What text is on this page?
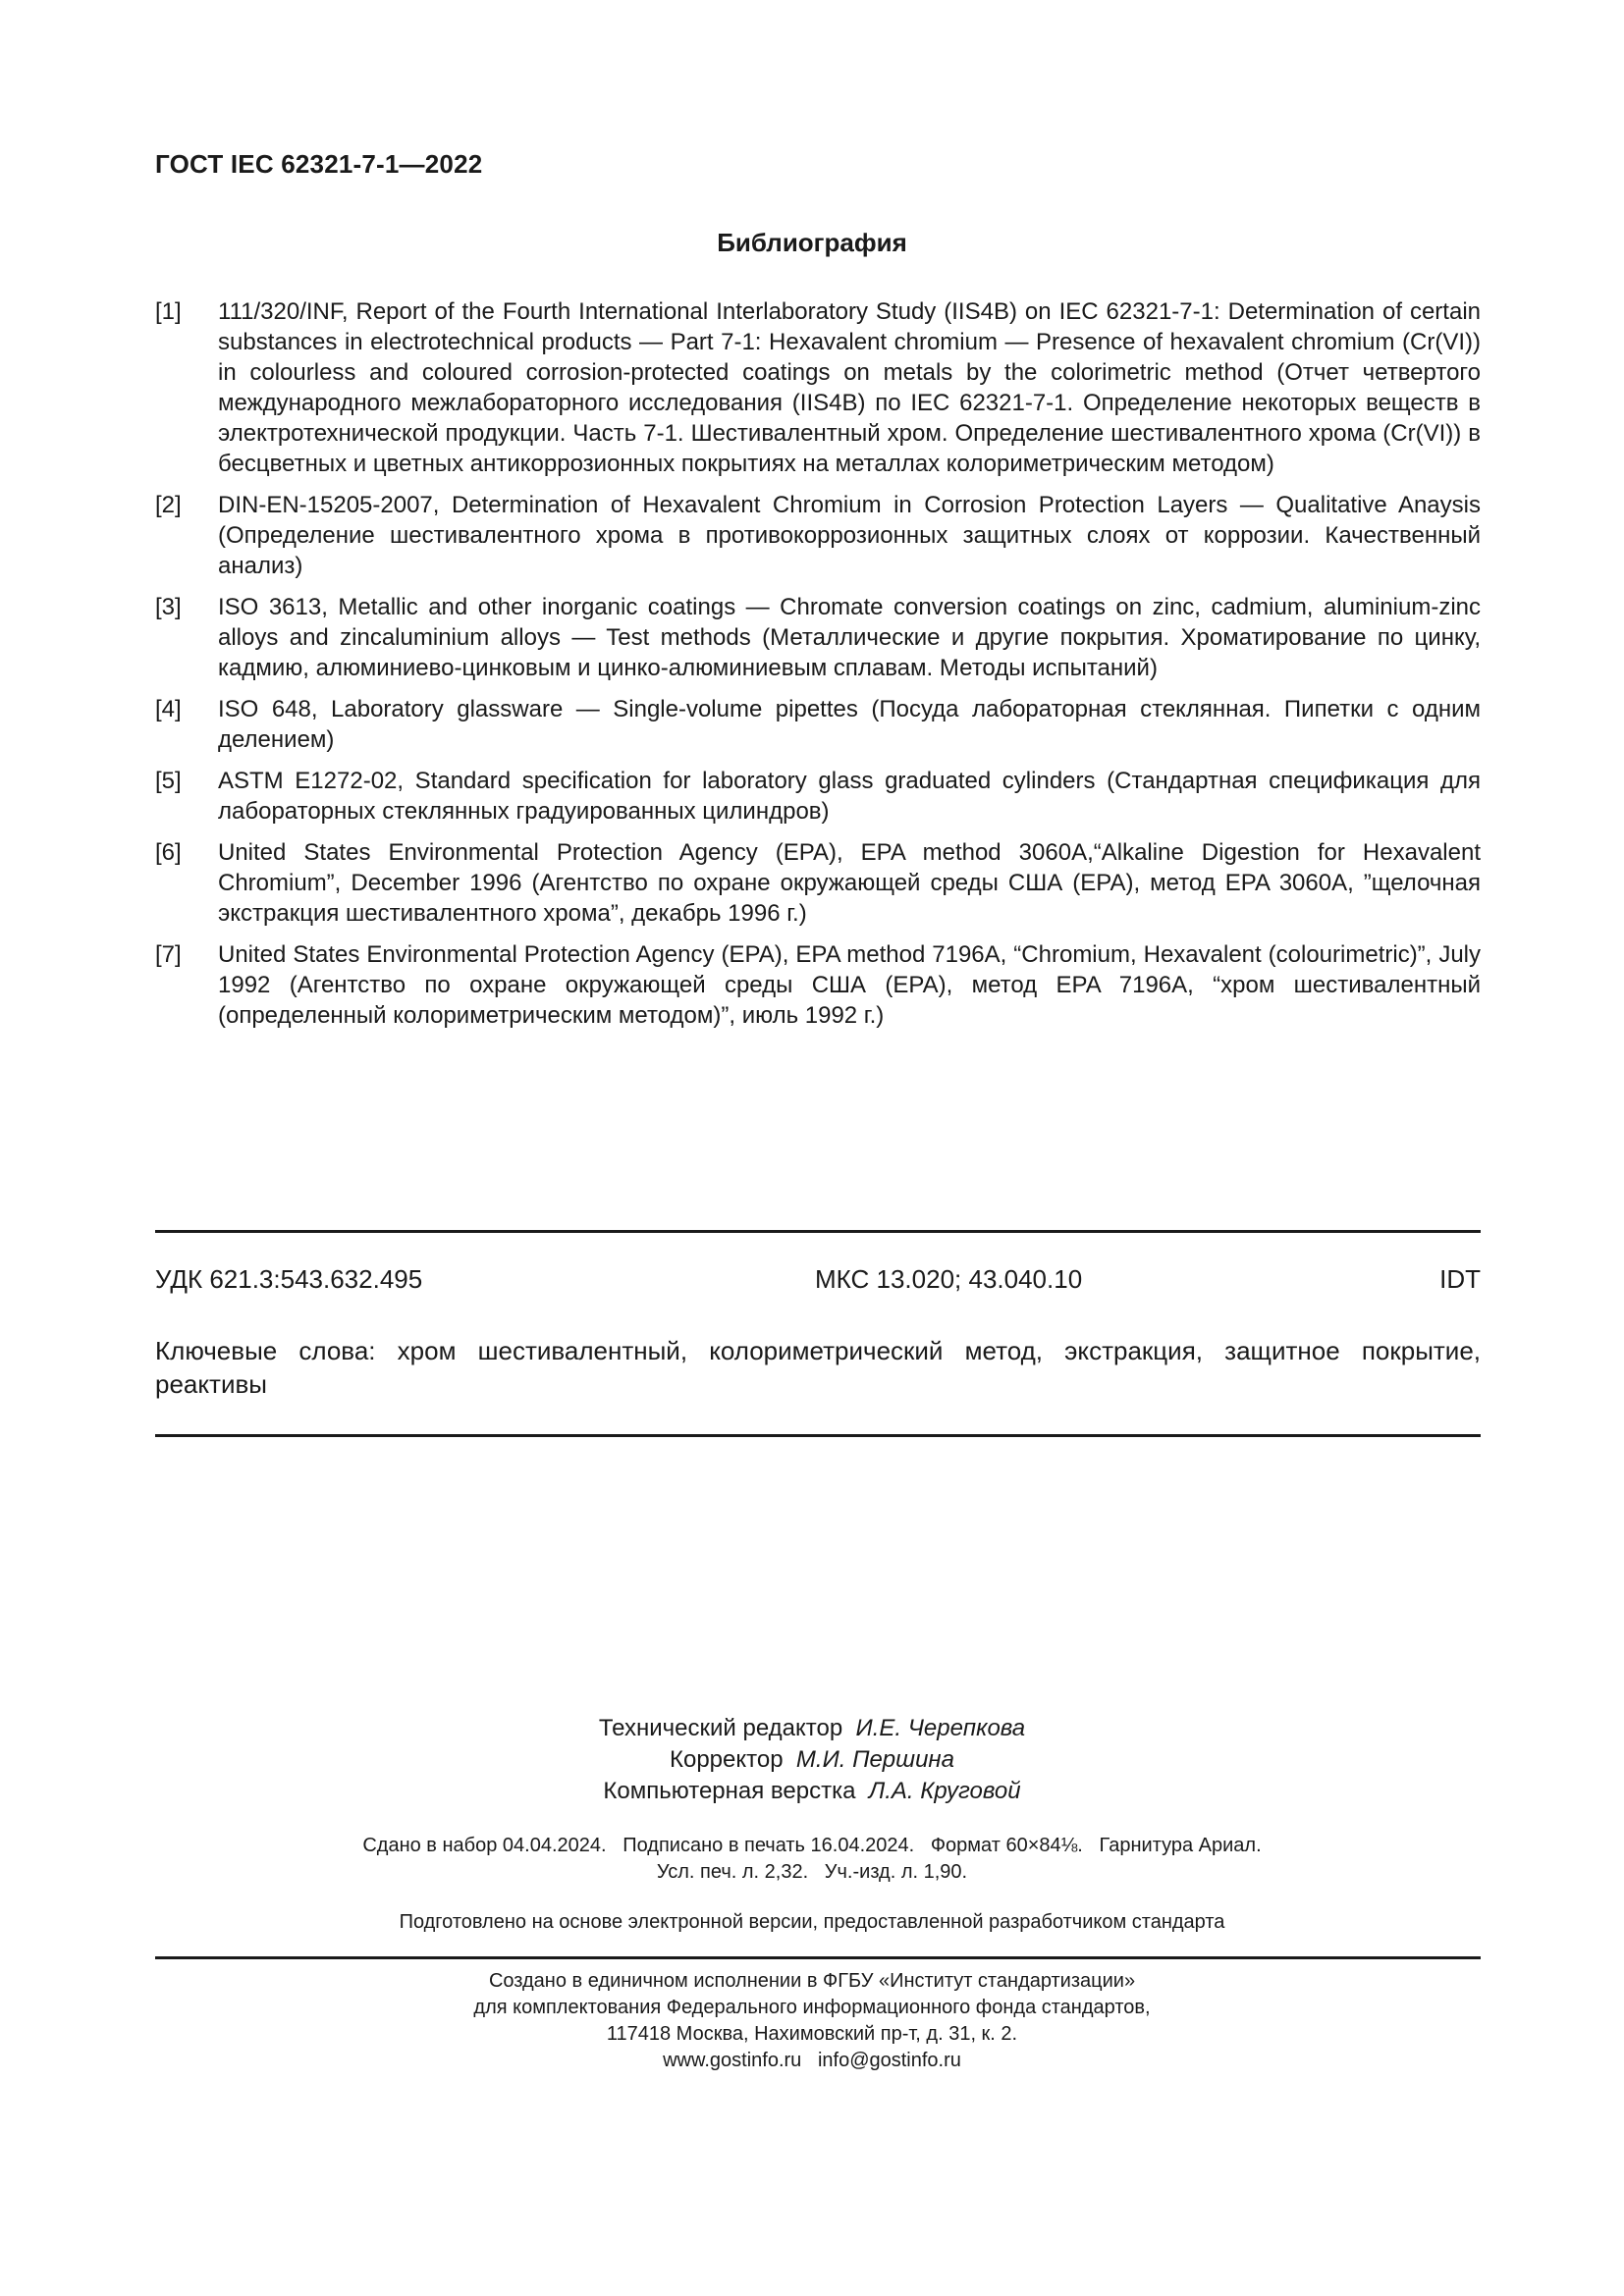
ГОСТ IEC 62321-7-1—2022
Библиография
[1] 111/320/INF, Report of the Fourth International Interlaboratory Study (IIS4B) on IEC 62321-7-1: Determination of certain substances in electrotechnical products — Part 7-1: Hexavalent chromium — Presence of hexavalent chromium (Cr(VI)) in colourless and coloured corrosion-protected coatings on metals by the colorimetric method (Отчет четвертого международного межлабораторного исследования (IIS4B) по IEC 62321-7-1. Определение некоторых веществ в электротехнической продукции. Часть 7-1. Шестивалентный хром. Определение шестивалентного хрома (Cr(VI)) в бесцветных и цветных антикоррозионных покрытиях на металлах колориметрическим методом)
[2] DIN-EN-15205-2007, Determination of Hexavalent Chromium in Corrosion Protection Layers — Qualitative Anaysis (Определение шестивалентного хрома в противокоррозионных защитных слоях от коррозии. Качественный анализ)
[3] ISO 3613, Metallic and other inorganic coatings — Chromate conversion coatings on zinc, cadmium, aluminium-zinc alloys and zincaluminium alloys — Test methods (Металлические и другие покрытия. Хроматирование по цинку, кадмию, алюминиево-цинковым и цинко-алюминиевым сплавам. Методы испытаний)
[4] ISO 648, Laboratory glassware — Single-volume pipettes (Посуда лабораторная стеклянная. Пипетки с одним делением)
[5] ASTM E1272-02, Standard specification for laboratory glass graduated cylinders (Стандартная спецификация для лабораторных стеклянных градуированных цилиндров)
[6] United States Environmental Protection Agency (EPA), EPA method 3060A,“Alkaline Digestion for Hexavalent Chromium”, December 1996 (Агентство по охране окружающей среды США (EPA), метод EPA 3060A, ”щелочная экстракция шестивалентного хрома”, декабрь 1996 г.)
[7] United States Environmental Protection Agency (EPA), EPA method 7196A, “Chromium, Hexavalent (colourimetric)”, July 1992 (Агентство по охране окружающей среды США (EPA), метод EPA 7196A, “хром шестивалентный (определенный колориметрическим методом)”, июль 1992 г.)
УДК 621.3:543.632.495	МКС 13.020; 43.040.10	IDT
Ключевые слова: хром шестивалентный, колориметрический метод, экстракция, защитное покрытие, реактивы
Технический редактор И.Е. Черепкова
Корректор М.И. Першина
Компьютерная верстка Л.А. Круговой
Сдано в набор 04.04.2024.   Подписано в печать 16.04.2024.   Формат 60×84⅛.   Гарнитура Ариал.
Усл. печ. л. 2,32.   Уч.-изд. л. 1,90.
Подготовлено на основе электронной версии, предоставленной разработчиком стандарта
Создано в единичном исполнении в ФГБУ «Институт стандартизации»
для комплектования Федерального информационного фонда стандартов,
117418 Москва, Нахимовский пр-т, д. 31, к. 2.
www.gostinfo.ru   info@gostinfo.ru
